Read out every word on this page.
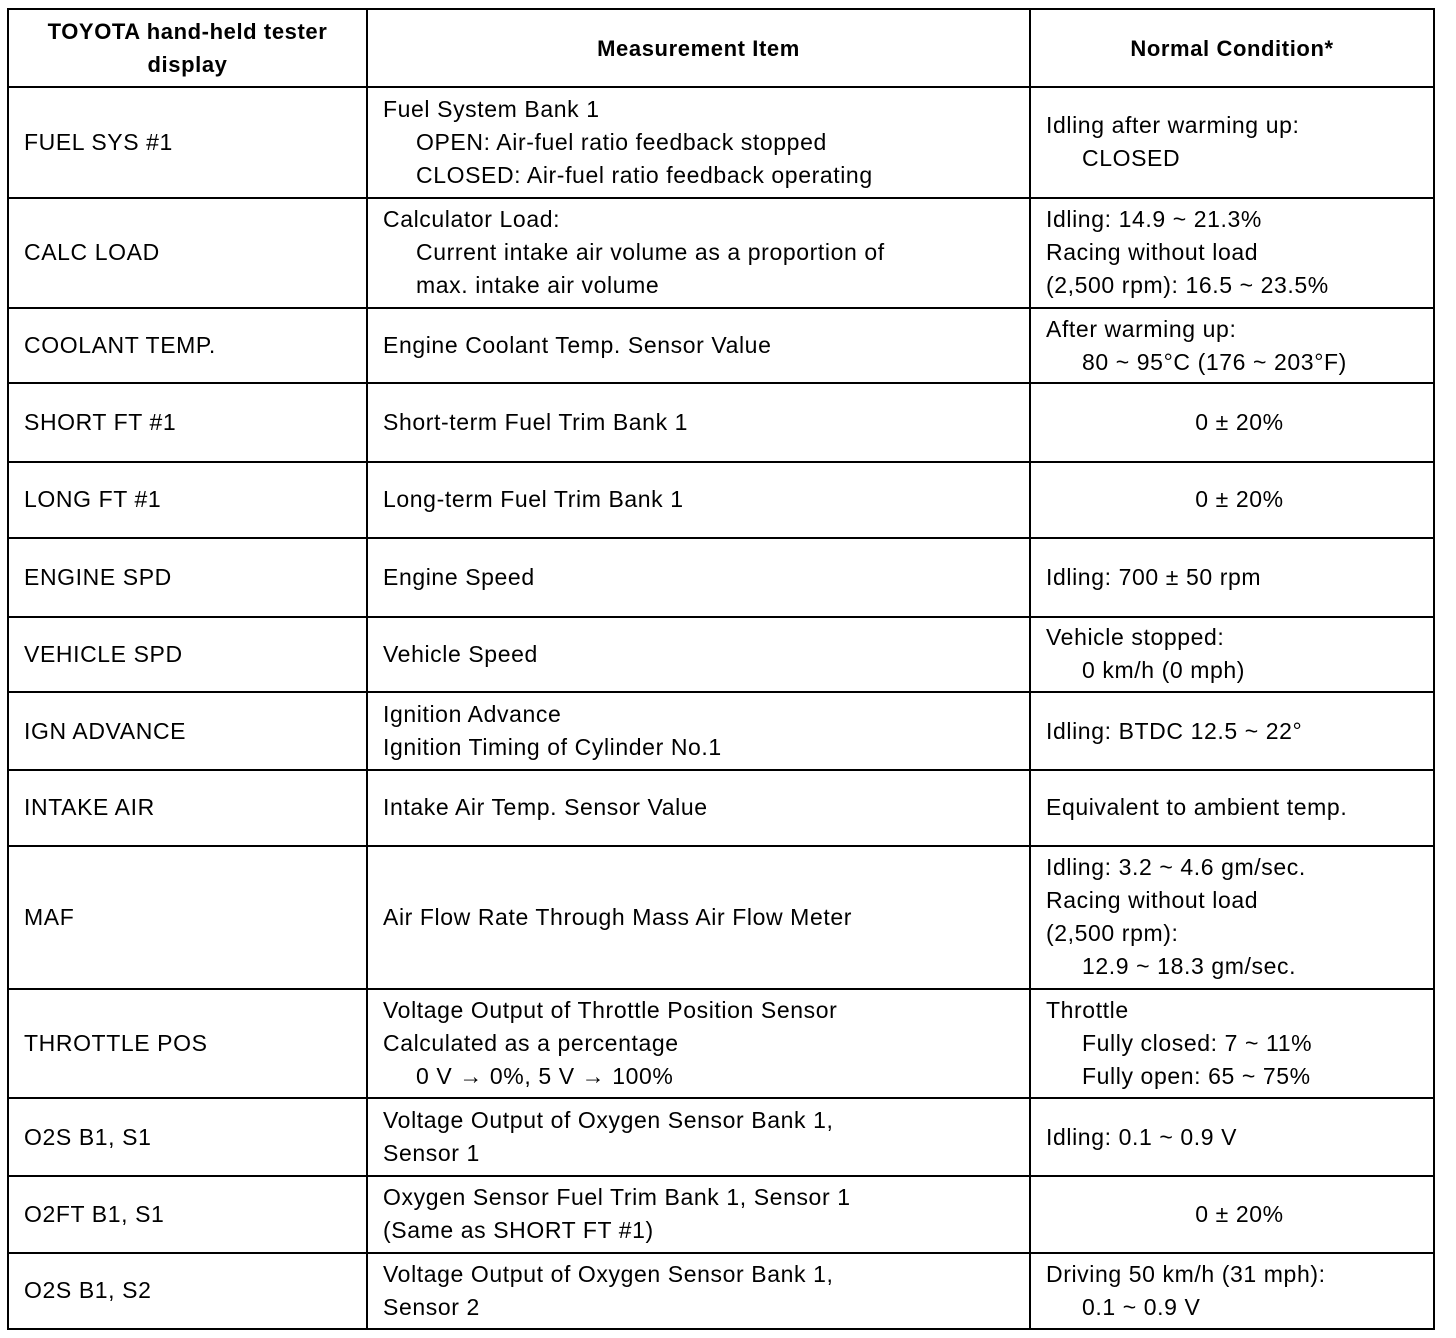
TOYOTA hand-held tester display	Measurement Item	Normal Condition*
FUEL SYS #1	Fuel System Bank 1
OPEN: Air-fuel ratio feedback stopped
CLOSED: Air-fuel ratio feedback operating	Idling after warming up:
CLOSED

CALC LOAD	Calculator Load:
Current intake air volume as a proportion of
max. intake air volume	Idling: 14.9 ~ 21.3%
Racing without load
(2,500 rpm): 16.5 ~ 23.5%

COOLANT TEMP.	Engine Coolant Temp. Sensor Value	After warming up:
80 ~ 95°C (176 ~ 203°F)

SHORT FT #1	Short-term Fuel Trim Bank 1	0 ± 20%

LONG FT #1	Long-term Fuel Trim Bank 1	0 ± 20%

ENGINE SPD	Engine Speed	Idling: 700 ± 50 rpm

VEHICLE SPD	Vehicle Speed	Vehicle stopped:
0 km/h (0 mph)

IGN ADVANCE	Ignition Advance
Ignition Timing of Cylinder No.1	Idling: BTDC 12.5 ~ 22°

INTAKE AIR	Intake Air Temp. Sensor Value	Equivalent to ambient temp.

MAF	Air Flow Rate Through Mass Air Flow Meter	Idling: 3.2 ~ 4.6 gm/sec.
Racing without load
(2,500 rpm):
12.9 ~ 18.3 gm/sec.

THROTTLE POS	Voltage Output of Throttle Position Sensor
Calculated as a percentage
0 V → 0%, 5 V → 100%	Throttle
Fully closed: 7 ~ 11%
Fully open: 65 ~ 75%

O2S B1, S1	Voltage Output of Oxygen Sensor Bank 1,
Sensor 1	Idling: 0.1 ~ 0.9 V

O2FT B1, S1	Oxygen Sensor Fuel Trim Bank 1, Sensor 1
(Same as SHORT FT #1)	0 ± 20%

O2S B1, S2	Voltage Output of Oxygen Sensor Bank 1,
Sensor 2	Driving 50 km/h (31 mph):
0.1 ~ 0.9 V
